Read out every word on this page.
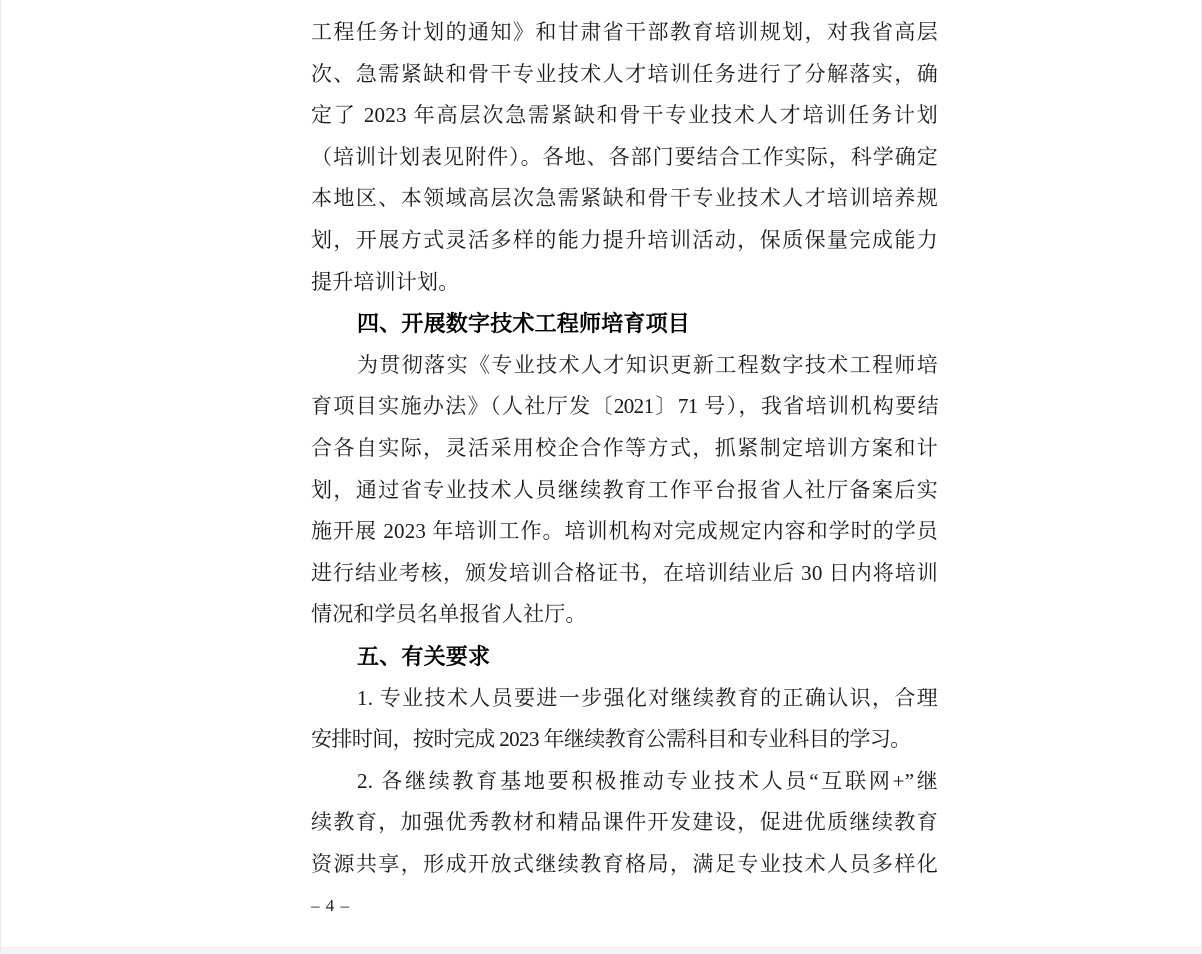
工程任务计划的通知》和甘肃省干部教育培训规划，对我省高层
次、急需紧缺和骨干专业技术人才培训任务进行了分解落实，确
定了 2023 年高层次急需紧缺和骨干专业技术人才培训任务计划
（培训计划表见附件）。各地、各部门要结合工作实际，科学确定
本地区、本领域高层次急需紧缺和骨干专业技术人才培训培养规
划，开展方式灵活多样的能力提升培训活动，保质保量完成能力
提升培训计划。
四、开展数字技术工程师培育项目
为贯彻落实《专业技术人才知识更新工程数字技术工程师培
育项目实施办法》（人社厅发〔2021〕71 号），我省培训机构要结
合各自实际，灵活采用校企合作等方式，抓紧制定培训方案和计
划，通过省专业技术人员继续教育工作平台报省人社厅备案后实
施开展 2023 年培训工作。培训机构对完成规定内容和学时的学员
进行结业考核，颁发培训合格证书，在培训结业后 30 日内将培训
情况和学员名单报省人社厅。
五、有关要求
1. 专业技术人员要进一步强化对继续教育的正确认识，合理
安排时间，按时完成 2023 年继续教育公需科目和专业科目的学习。
2. 各继续教育基地要积极推动专业技术人员“互联网+”继
续教育，加强优秀教材和精品课件开发建设，促进优质继续教育
资源共享，形成开放式继续教育格局，满足专业技术人员多样化
– 4 –
